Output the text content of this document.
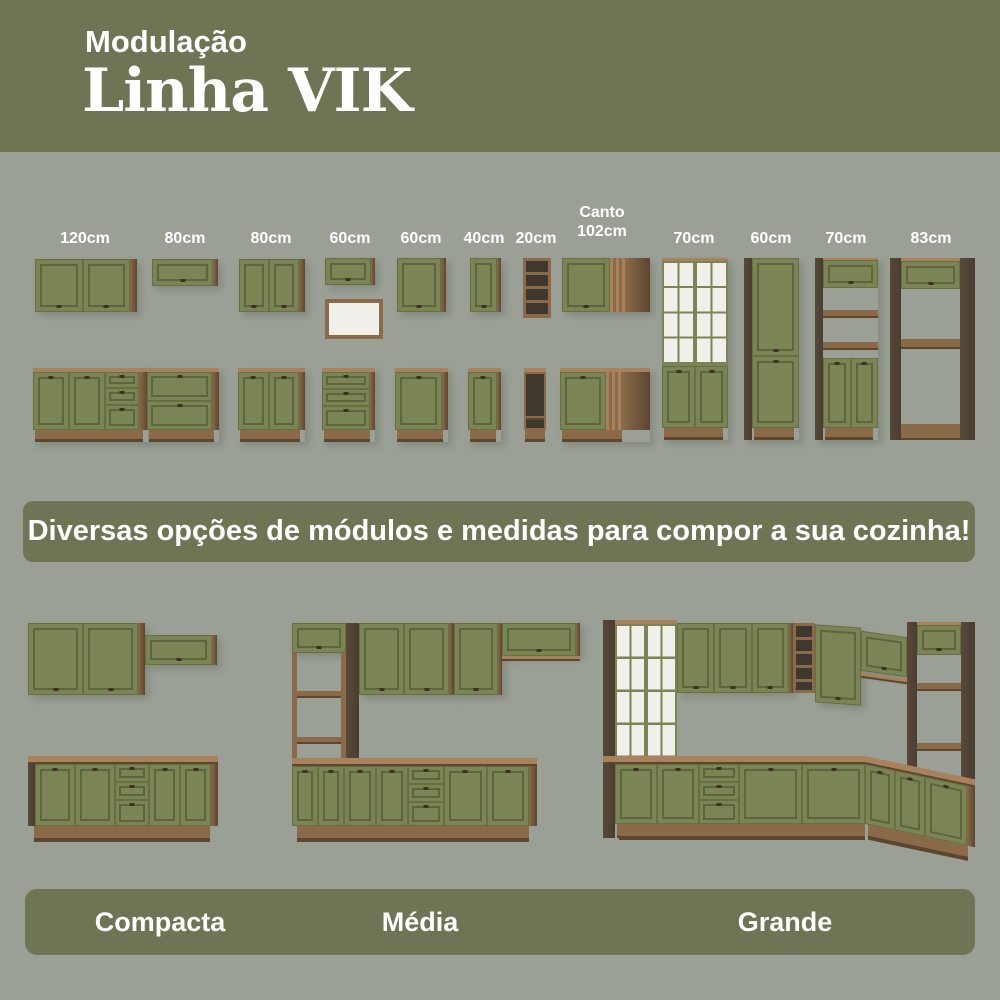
Modulação
Linha VIK
120cm	80cm	80cm	60cm	60cm	40cm 20cm
Canto
102cm	70cm	60cm	70cm	83cm
Diversas opções de módulos e medidas para compor a sua cozinha!
Compacta	Média	Grande
